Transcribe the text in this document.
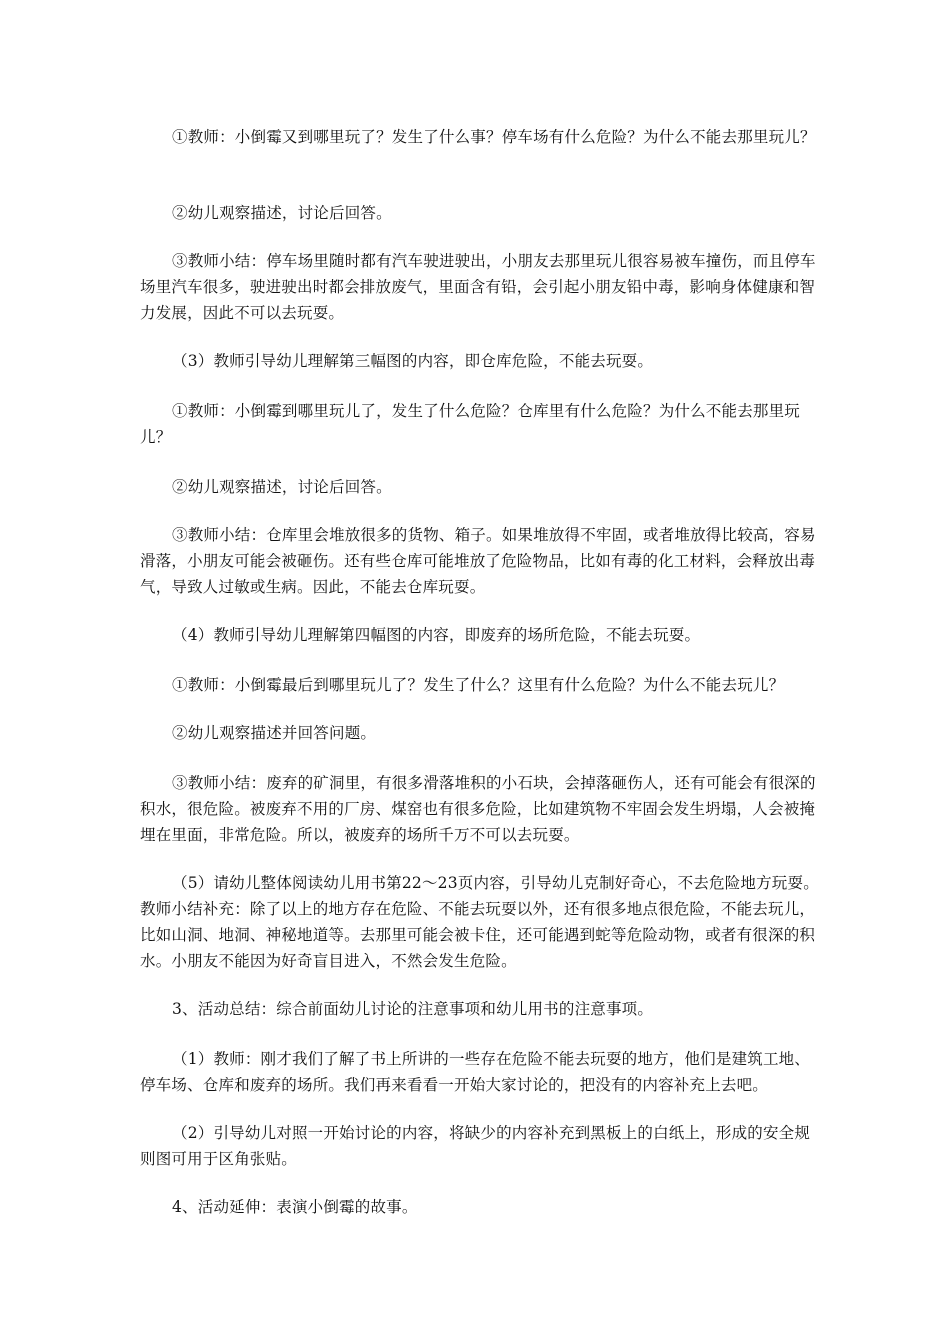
①教师：小倒霉又到哪里玩了？发生了什么事？停车场有什么危险？为什么不能去那里玩儿？

②幼儿观察描述，讨论后回答。

③教师小结：停车场里随时都有汽车驶进驶出，小朋友去那里玩儿很容易被车撞伤，而且停车场里汽车很多，驶进驶出时都会排放废气，里面含有铅，会引起小朋友铅中毒，影响身体健康和智力发展，因此不可以去玩耍。

（3）教师引导幼儿理解第三幅图的内容，即仓库危险，不能去玩耍。

①教师：小倒霉到哪里玩儿了，发生了什么危险？仓库里有什么危险？为什么不能去那里玩儿？

②幼儿观察描述，讨论后回答。

③教师小结：仓库里会堆放很多的货物、箱子。如果堆放得不牢固，或者堆放得比较高，容易滑落，小朋友可能会被砸伤。还有些仓库可能堆放了危险物品，比如有毒的化工材料，会释放出毒气，导致人过敏或生病。因此，不能去仓库玩耍。

（4）教师引导幼儿理解第四幅图的内容，即废弃的场所危险，不能去玩耍。

①教师：小倒霉最后到哪里玩儿了？发生了什么？这里有什么危险？为什么不能去玩儿？

②幼儿观察描述并回答问题。

③教师小结：废弃的矿洞里，有很多滑落堆积的小石块，会掉落砸伤人，还有可能会有很深的积水，很危险。被废弃不用的厂房、煤窑也有很多危险，比如建筑物不牢固会发生坍塌，人会被掩埋在里面，非常危险。所以，被废弃的场所千万不可以去玩耍。

（5）请幼儿整体阅读幼儿用书第22～23页内容，引导幼儿克制好奇心，不去危险地方玩耍。教师小结补充：除了以上的地方存在危险、不能去玩耍以外，还有很多地点很危险，不能去玩儿，比如山洞、地洞、神秘地道等。去那里可能会被卡住，还可能遇到蛇等危险动物，或者有很深的积水。小朋友不能因为好奇盲目进入，不然会发生危险。

3、活动总结：综合前面幼儿讨论的注意事项和幼儿用书的注意事项。

（1）教师：刚才我们了解了书上所讲的一些存在危险不能去玩耍的地方，他们是建筑工地、停车场、仓库和废弃的场所。我们再来看看一开始大家讨论的，把没有的内容补充上去吧。

（2）引导幼儿对照一开始讨论的内容，将缺少的内容补充到黑板上的白纸上，形成的安全规则图可用于区角张贴。

4、活动延伸：表演小倒霉的故事。
